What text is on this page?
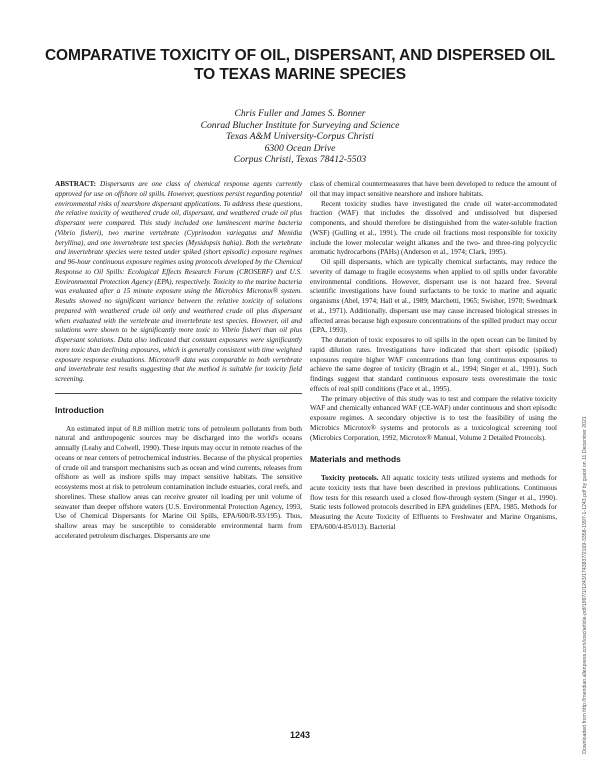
COMPARATIVE TOXICITY OF OIL, DISPERSANT, AND DISPERSED OIL
TO TEXAS MARINE SPECIES
Chris Fuller and James S. Bonner
Conrad Blucher Institute for Surveying and Science
Texas A&M University-Corpus Christi
6300 Ocean Drive
Corpus Christi, Texas 78412-5503

ABSTRACT: Dispersants are one class of chemical response agents currently approved for use on offshore oil spills. However, questions persist regarding potential environmental risks of nearshore dispersant applications. To address these questions, the relative toxicity of weathered crude oil, dispersant, and weathered crude oil plus dispersant were compared. This study included one luminescent marine bacteria (Vibrio fisheri), two marine vertebrate (Cyprinodon variegatus and Menidia beryllina), and one invertebrate test species (Mysidopsis bahia). Both the vertebrate and invertebrate species were tested under spiked (short episodic) exposure regimes and 96-hour continuous exposure regimes using protocols developed by the Chemical Response to Oil Spills: Ecological Effects Research Forum (CROSERF) and U.S. Environmental Protection Agency (EPA), respectively. Toxicity to the marine bacteria was evaluated after a 15 minute exposure using the Microbics Microtox® system. Results showed no significant variance between the relative toxicity of solutions prepared with weathered crude oil only and weathered crude oil plus dispersant when evaluated with the vertebrate and invertebrate test species. However, oil and solutions were shown to be significantly more toxic to Vibrio fisheri than oil plus dispersant solutions. Data also indicated that constant exposures were significantly more toxic than declining exposures, which is generally consistent with time weighted exposure response evaluations. Microtox® data was comparable to both vertebrate and invertebrate test results suggesting that the method is suitable for toxicity field screening.

Introduction

An estimated input of 8.8 million metric tons of petroleum pollutants from both natural and anthropogenic sources may be discharged into the world's oceans annually (Leahy and Colwell, 1990). These inputs may occur in remote reaches of the oceans or near centers of petrochemical industries. Because of the physical properties of crude oil and transport mechanisms such as ocean and wind currents, releases from offshore as well as inshore spills may impact sensitive habitats. The sensitive ecosystems most at risk to petroleum contamination include estuaries, coral reefs, and shorelines. These shallow areas can receive greater oil loading per unit volume of seawater than deeper offshore waters (U.S. Environmental Protection Agency, 1993, Use of Chemical Dispersants for Marine Oil Spills, EPA/600/R-93/195). Thus, shallow areas may be susceptible to considerable environmental harm from accelerated petroleum discharges. Dispersants are one

class of chemical countermeasures that have been developed to reduce the amount of oil that may impact sensitive nearshore and inshore habitats.

Recent toxicity studies have investigated the crude oil water-accommodated fraction (WAF) that includes the dissolved and undissolved but dispersed components, and should therefore be distinguished from the water-soluble fraction (WSF) (Gulling et al., 1991). The crude oil fractions most responsible for toxicity include the lower molecular weight alkanes and the two- and three-ring polycyclic aromatic hydrocarbons (PAHs) (Anderson et al., 1974; Clark, 1995).

Oil spill dispersants, which are typically chemical surfactants, may reduce the severity of damage to fragile ecosystems when applied to oil spills under favorable environmental conditions. However, dispersant use is not hazard free. Several scientific investigations have found surfactants to be toxic to marine and aquatic organisms (Abel, 1974; Hall et al., 1989; Marchetti, 1965; Swisher, 1970; Swedmark et al., 1971). Additionally, dispersant use may cause increased biological stresses in affected areas because high exposure concentrations of the spilled product may occur (EPA, 1993).

The duration of toxic exposures to oil spills in the open ocean can be limited by rapid dilution rates. Investigations have indicated that short episodic (spiked) exposures require higher WAF concentrations than long continuous exposures to achieve the same degree of toxicity (Bragin et al., 1994; Singer et al., 1991). Such findings suggest that standard continuous exposure tests overestimate the toxic effects of real spill conditions (Pace et al., 1995).

The primary objective of this study was to test and compare the relative toxicity WAF and chemically enhanced WAF (CE-WAF) under continuous and short episodic exposure regimes. A secondary objective is to test the feasibility of using the Microbics Microtox® systems and protocols as a toxicological screening tool (Microbics Corporation, 1992, Microtox® Manual, Volume 2 Detailed Protocols).

Materials and methods

Toxicity protocols. All aquatic toxicity tests utilized systems and methods for acute toxicity tests that have been described in previous publications. Continuous flow tests for this research used a closed flow-through system (Singer et al., 1990). Static tests followed protocols described in EPA guidelines (EPA, 1985, Methods for Measuring the Acute Toxicity of Effluents to Freshwater and Marine Organisms, EPA/600/4-85/013). Bacterial

1243	Downloaded from http://meridian.allenpress.com/iosc/article-pdf/1997/1/1243/1743837/2169-3358-1997-1-1243.pdf by guest on 11 December 2021
